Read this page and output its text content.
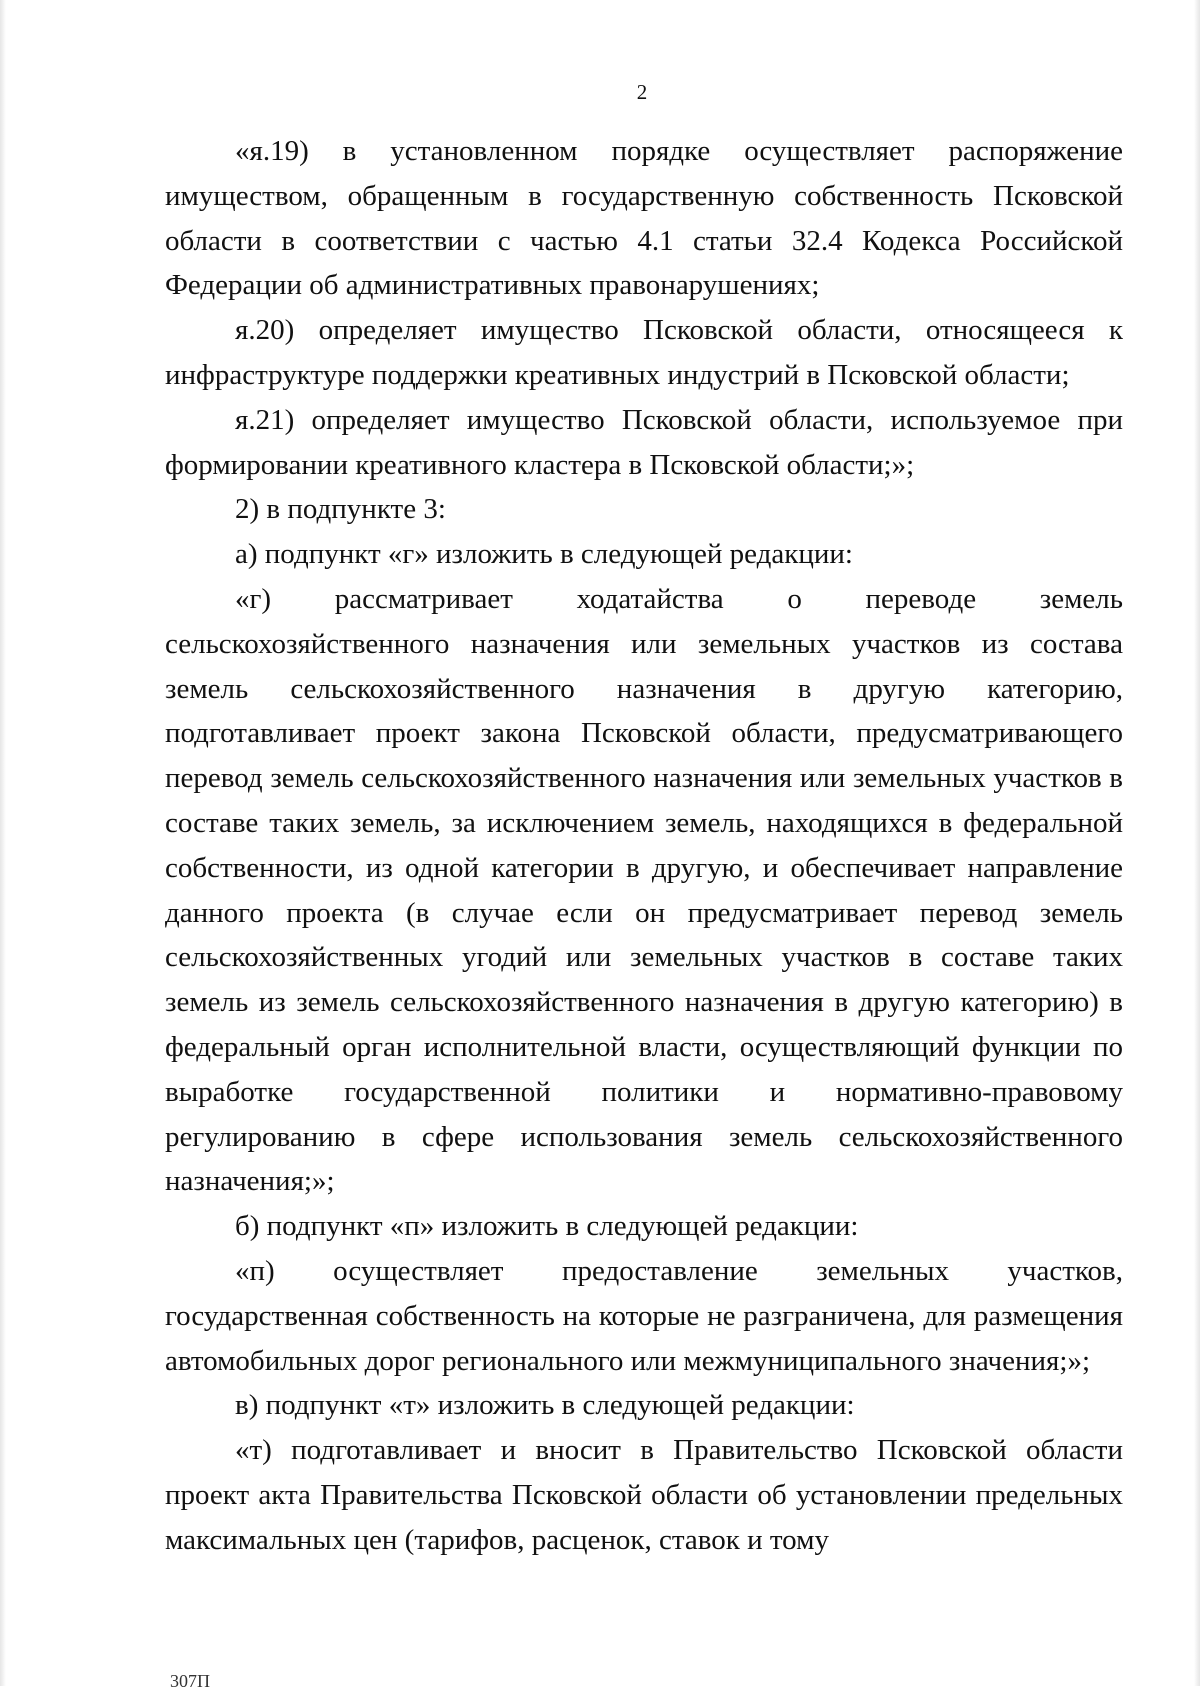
2

«я.19) в установленном порядке осуществляет распоряжение имуществом, обращенным в государственную собственность Псковской области в соответствии с частью 4.1 статьи 32.4 Кодекса Российской Федерации об административных правонарушениях;

я.20) определяет имущество Псковской области, относящееся к инфраструктуре поддержки креативных индустрий в Псковской области;

я.21) определяет имущество Псковской области, используемое при формировании креативного кластера в Псковской области;»;

2) в подпункте 3:

а) подпункт «г» изложить в следующей редакции:

«г) рассматривает ходатайства о переводе земель сельскохозяйственного назначения или земельных участков из состава земель сельскохозяйственного назначения в другую категорию, подготавливает проект закона Псковской области, предусматривающего перевод земель сельскохозяйственного назначения или земельных участков в составе таких земель, за исключением земель, находящихся в федеральной собственности, из одной категории в другую, и обеспечивает направление данного проекта (в случае если он предусматривает перевод земель сельскохозяйственных угодий или земельных участков в составе таких земель из земель сельскохозяйственного назначения в другую категорию) в федеральный орган исполнительной власти, осуществляющий функции по выработке государственной политики и нормативно-правовому регулированию в сфере использования земель сельскохозяйственного назначения;»;

б) подпункт «п» изложить в следующей редакции:

«п) осуществляет предоставление земельных участков, государственная собственность на которые не разграничена, для размещения автомобильных дорог регионального или межмуниципального значения;»;

в) подпункт «т» изложить в следующей редакции:

«т) подготавливает и вносит в Правительство Псковской области проект акта Правительства Псковской области об установлении предельных максимальных цен (тарифов, расценок, ставок и тому

307П
